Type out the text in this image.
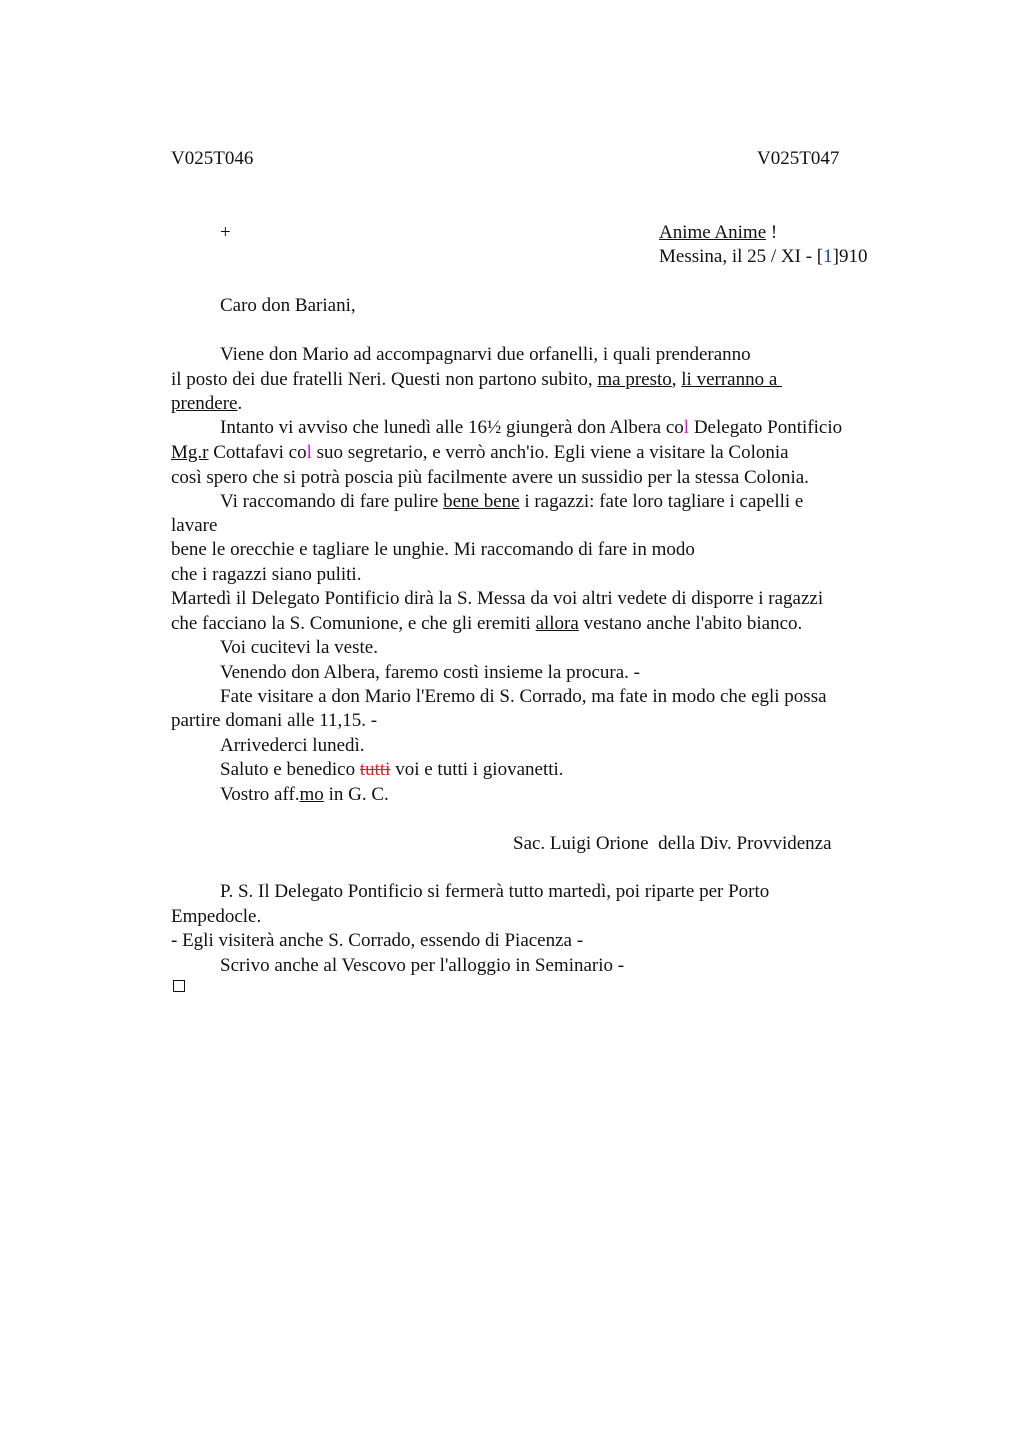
V025T046	V025T047
+	Anime Anime !
Messina, il 25 / XI - [1]910
Caro don Bariani,
Viene don Mario ad accompagnarvi due orfanelli, i quali prenderanno
il posto dei due fratelli Neri. Questi non partono subito, ma presto, li verranno a
prendere.
Intanto vi avviso che lunedì alle 16½ giungerà don Albera col Delegato Pontificio
Mg.r Cottafavi col suo segretario, e verrò anch'io. Egli viene a visitare la Colonia
così spero che si potrà poscia più facilmente avere un sussidio per la stessa Colonia.
Vi raccomando di fare pulire bene bene i ragazzi: fate loro tagliare i capelli e
lavare
bene le orecchie e tagliare le unghie. Mi raccomando di fare in modo
che i ragazzi siano puliti.
Martedì il Delegato Pontificio dirà la S. Messa da voi altri vedete di disporre i ragazzi
che facciano la S. Comunione, e che gli eremiti allora vestano anche l'abito bianco.
Voi cucitevi la veste.
Venendo don Albera, faremo costì insieme la procura. -
Fate visitare a don Mario l'Eremo di S. Corrado, ma fate in modo che egli possa
partire domani alle 11,15. -
Arrivederci lunedì.
Saluto e benedico tutti voi e tutti i giovanetti.
Vostro aff.mo in G. C.
Sac. Luigi Orione  della Div. Provvidenza
P. S. Il Delegato Pontificio si fermerà tutto martedì, poi riparte per Porto
Empedocle.
- Egli visiterà anche S. Corrado, essendo di Piacenza -
Scrivo anche al Vescovo per l'alloggio in Seminario -
